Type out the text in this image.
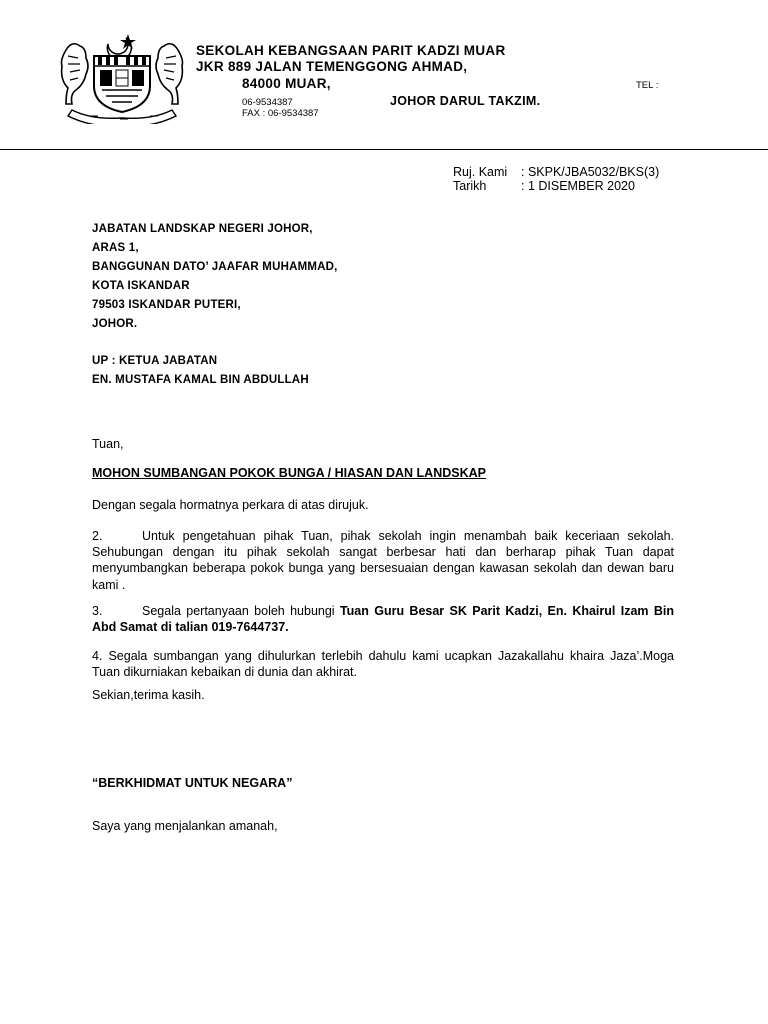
SEKOLAH KEBANGSAAN PARIT KADZI MUAR
JKR 889 JALAN TEMENGGONG AHMAD,
84000 MUAR,
JOHOR DARUL TAKZIM.
TEL :
06-9534387
FAX : 06-9534387
Ruj. Kami : SKPK/JBA5032/BKS(3)
Tarikh	: 1 DISEMBER 2020
JABATAN LANDSKAP NEGERI JOHOR,
ARAS 1,
BANGGUNAN DATO’ JAAFAR MUHAMMAD,
KOTA ISKANDAR
79503 ISKANDAR PUTERI,
JOHOR.
UP : KETUA JABATAN
EN. MUSTAFA KAMAL BIN ABDULLAH
Tuan,
MOHON SUMBANGAN POKOK BUNGA / HIASAN DAN LANDSKAP
Dengan segala hormatnya perkara di atas dirujuk.
2.	Untuk pengetahuan pihak Tuan, pihak sekolah ingin menambah baik keceriaan sekolah. Sehubungan dengan itu pihak sekolah sangat berbesar hati dan berharap pihak Tuan dapat menyumbangkan beberapa pokok bunga yang bersesuaian dengan kawasan sekolah dan dewan baru kami .
3.	Segala pertanyaan boleh hubungi Tuan Guru Besar SK Parit Kadzi, En. Khairul Izam Bin Abd Samat di talian 019-7644737.
4. Segala sumbangan yang dihulurkan terlebih dahulu kami ucapkan Jazakallahu khaira Jaza’.Moga Tuan dikurniakan kebaikan di dunia dan akhirat.
Sekian,terima kasih.
“BERKHIDMAT UNTUK NEGARA”
Saya yang menjalankan amanah,
